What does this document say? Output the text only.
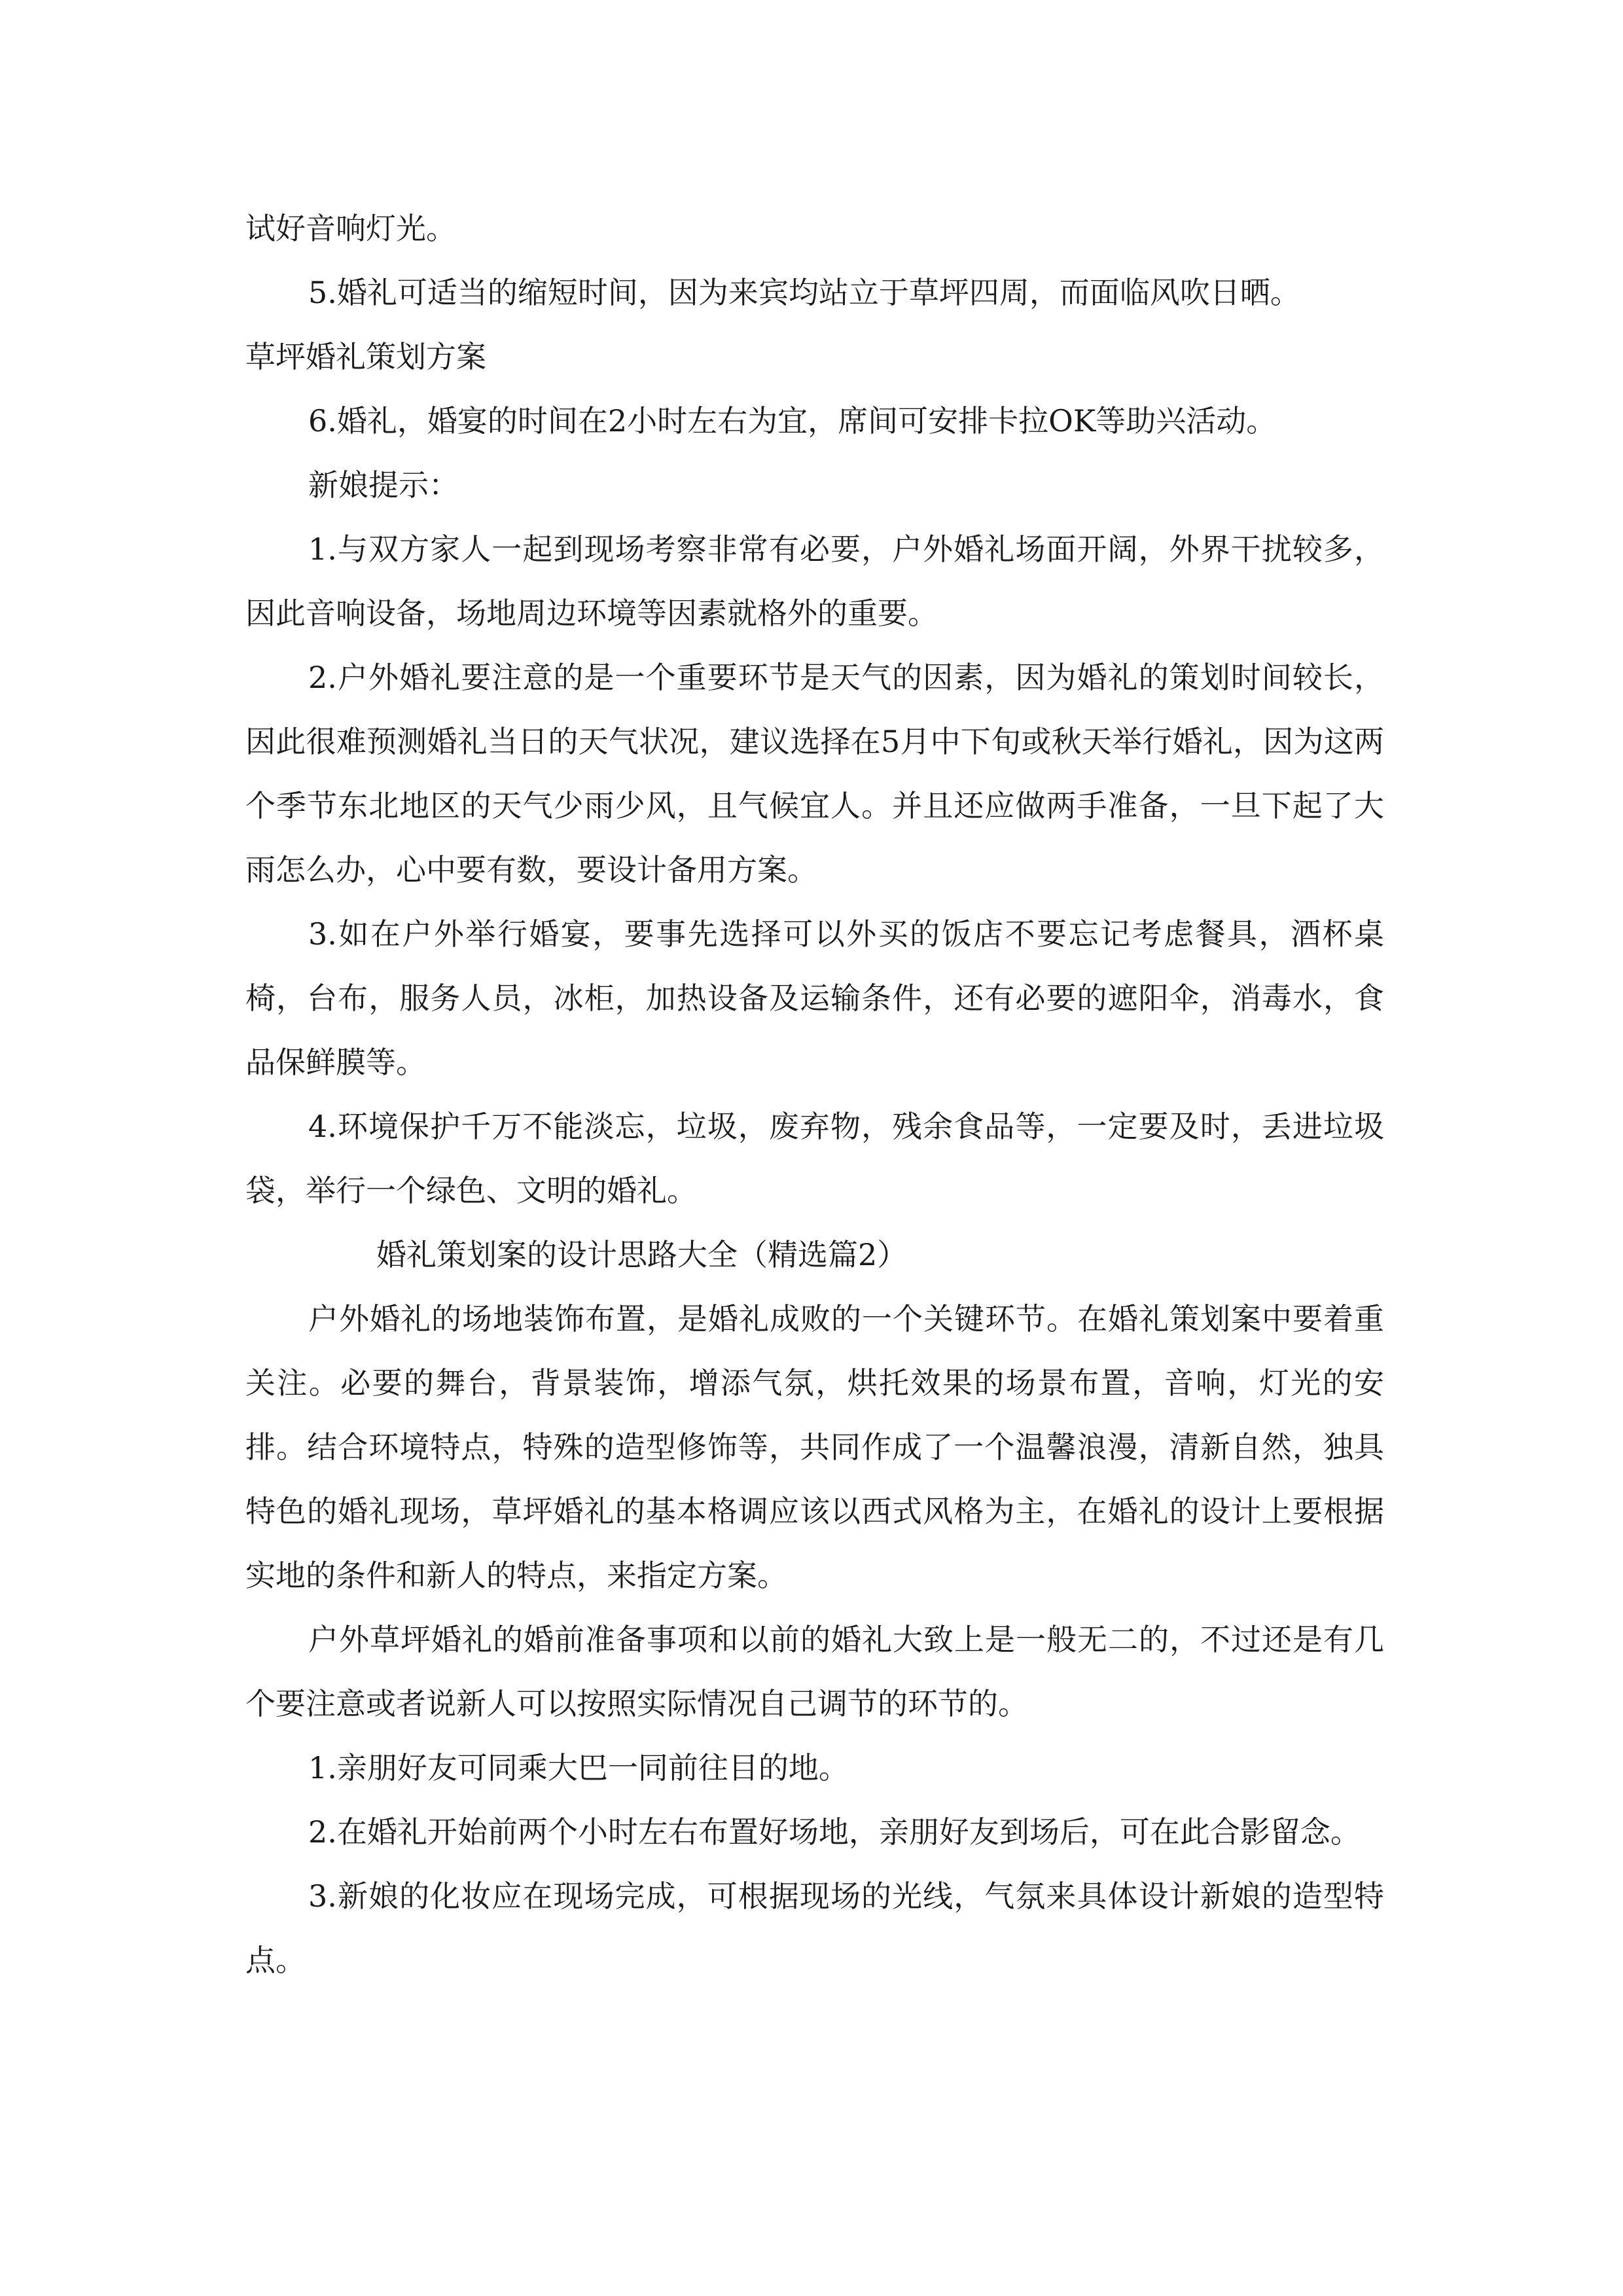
试好音响灯光。

5.婚礼可适当的缩短时间，因为来宾均站立于草坪四周，而面临风吹日晒。

草坪婚礼策划方案

6.婚礼，婚宴的时间在2小时左右为宜，席间可安排卡拉OK等助兴活动。

新娘提示：

1.与双方家人一起到现场考察非常有必要，户外婚礼场面开阔，外界干扰较多，因此音响设备，场地周边环境等因素就格外的重要。

2.户外婚礼要注意的是一个重要环节是天气的因素，因为婚礼的策划时间较长，因此很难预测婚礼当日的天气状况，建议选择在5月中下旬或秋天举行婚礼，因为这两个季节东北地区的天气少雨少风，且气候宜人。并且还应做两手准备，一旦下起了大雨怎么办，心中要有数，要设计备用方案。

3.如在户外举行婚宴，要事先选择可以外买的饭店不要忘记考虑餐具，酒杯桌椅，台布，服务人员，冰柜，加热设备及运输条件，还有必要的遮阳伞，消毒水，食品保鲜膜等。

4.环境保护千万不能淡忘，垃圾，废弃物，残余食品等，一定要及时，丢进垃圾袋，举行一个绿色、文明的婚礼。

婚礼策划案的设计思路大全（精选篇2）

户外婚礼的场地装饰布置，是婚礼成败的一个关键环节。在婚礼策划案中要着重关注。必要的舞台，背景装饰，增添气氛，烘托效果的场景布置，音响，灯光的安排。结合环境特点，特殊的造型修饰等，共同作成了一个温馨浪漫，清新自然，独具特色的婚礼现场，草坪婚礼的基本格调应该以西式风格为主，在婚礼的设计上要根据实地的条件和新人的特点，来指定方案。

户外草坪婚礼的婚前准备事项和以前的婚礼大致上是一般无二的，不过还是有几个要注意或者说新人可以按照实际情况自己调节的环节的。

1.亲朋好友可同乘大巴一同前往目的地。

2.在婚礼开始前两个小时左右布置好场地，亲朋好友到场后，可在此合影留念。

3.新娘的化妆应在现场完成，可根据现场的光线，气氛来具体设计新娘的造型特点。
